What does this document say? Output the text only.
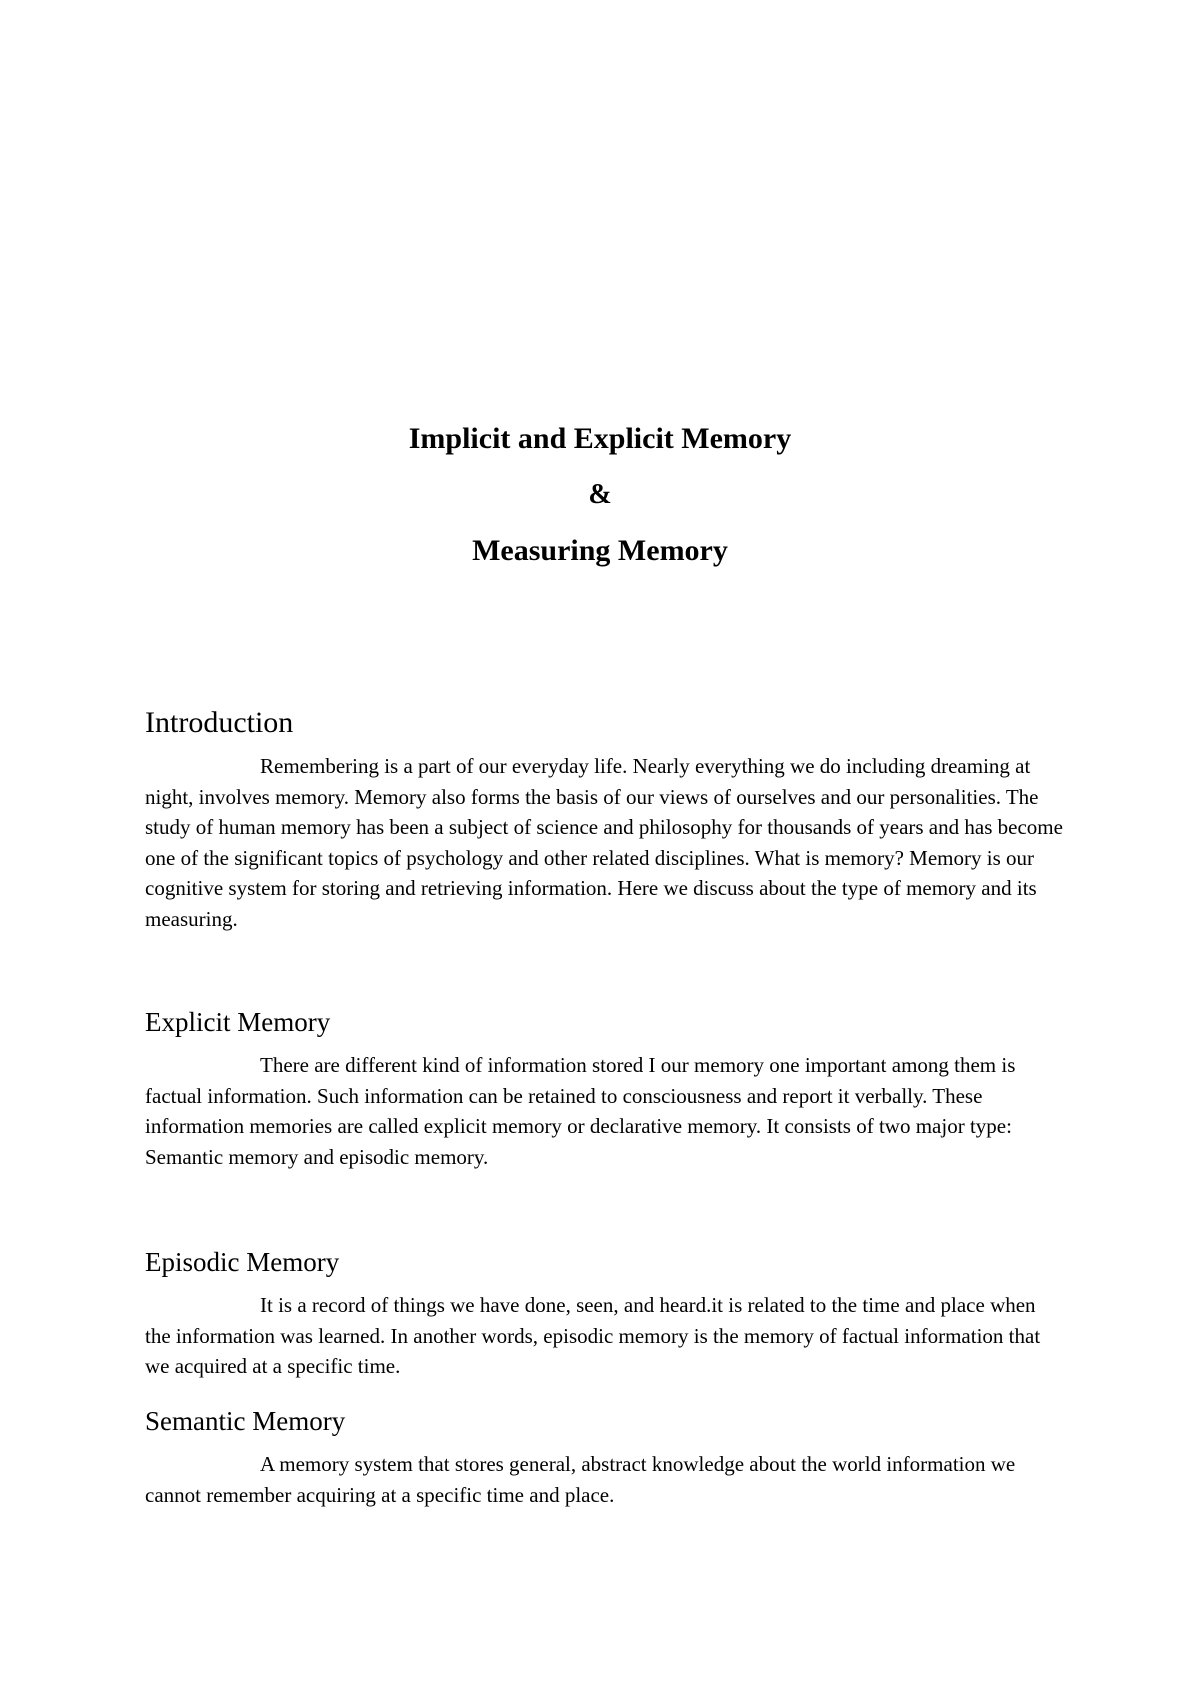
Implicit and Explicit Memory

&

Measuring Memory

Introduction

Remembering is a part of our everyday life. Nearly everything we do including dreaming at night, involves memory. Memory also forms the basis of our views of ourselves and our personalities. The study of human memory has been a subject of science and philosophy for thousands of years and has become one of the significant topics of psychology and other related disciplines. What is memory? Memory is our cognitive system for storing and retrieving information. Here we discuss about the type of memory and its measuring.

Explicit Memory

There are different kind of information stored I our memory one important among them is factual information. Such information can be retained to consciousness and report it verbally. These information memories are called explicit memory or declarative memory. It consists of two major type: Semantic memory and episodic memory.

Episodic Memory

It is a record of things we have done, seen, and heard.it is related to the time and place when the information was learned. In another words, episodic memory is the memory of factual information that we acquired at a specific time.

Semantic Memory

A memory system that stores general, abstract knowledge about the world information we cannot remember acquiring at a specific time and place.
